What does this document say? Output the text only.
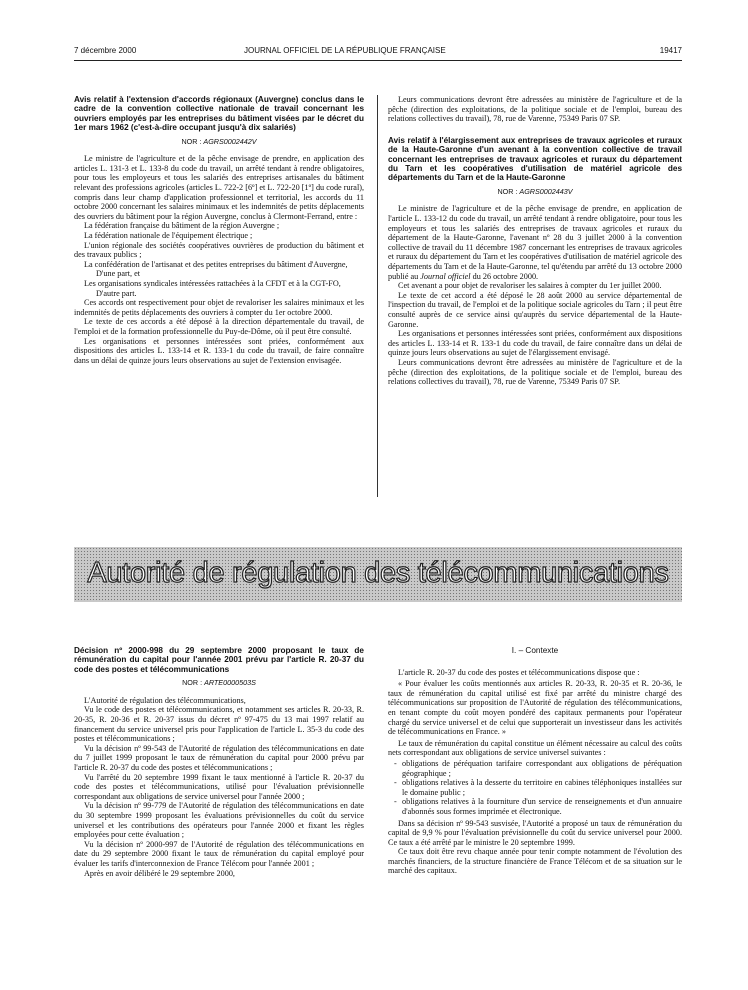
7 décembre 2000	JOURNAL OFFICIEL DE LA RÉPUBLIQUE FRANÇAISE	19417

Avis relatif à l'extension d'accords régionaux (Auvergne) conclus dans le cadre de la convention collective nationale de travail concernant les ouvriers employés par les entreprises du bâtiment visées par le décret du 1er mars 1962 (c'est-à-dire occupant jusqu'à dix salariés)

NOR : AGRS0002442V

Le ministre de l'agriculture et de la pêche envisage de prendre, en application des articles L. 131-3 et L. 133-8 du code du travail, un arrêté tendant à rendre obligatoires, pour tous les employeurs et tous les salariés des entreprises artisanales du bâtiment relevant des professions agricoles (articles L. 722-2 [6º] et L. 722-20 [1º] du code rural), compris dans leur champ d'application professionnel et territorial, les accords du 11 octobre 2000 concernant les salaires minimaux et les indemnités de petits déplacements des ouvriers du bâtiment pour la région Auvergne, conclus à Clermont-Ferrand, entre :

La fédération française du bâtiment de la région Auvergne ;

La fédération nationale de l'équipement électrique ;

L'union régionale des sociétés coopératives ouvrières de production du bâtiment et des travaux publics ;

La confédération de l'artisanat et des petites entreprises du bâtiment d'Auvergne,

D'une part, et

Les organisations syndicales intéressées rattachées à la CFDT et à la CGT-FO,

D'autre part.

Ces accords ont respectivement pour objet de revaloriser les salaires minimaux et les indemnités de petits déplacements des ouvriers à compter du 1er octobre 2000.

Le texte de ces accords a été déposé à la direction départementale du travail, de l'emploi et de la formation professionnelle du Puy-de-Dôme, où il peut être consulté.

Les organisations et personnes intéressées sont priées, conformément aux dispositions des articles L. 133-14 et R. 133-1 du code du travail, de faire connaître dans un délai de quinze jours leurs observations au sujet de l'extension envisagée.

Leurs communications devront être adressées au ministère de l'agriculture et de la pêche (direction des exploitations, de la politique sociale et de l'emploi, bureau des relations collectives du travail), 78, rue de Varenne, 75349 Paris 07 SP.

Avis relatif à l'élargissement aux entreprises de travaux agricoles et ruraux de la Haute-Garonne d'un avenant à la convention collective de travail concernant les entreprises de travaux agricoles et ruraux du département du Tarn et les coopératives d'utilisation de matériel agricole des départements du Tarn et de la Haute-Garonne

NOR : AGRS0002443V

Le ministre de l'agriculture et de la pêche envisage de prendre, en application de l'article L. 133-12 du code du travail, un arrêté tendant à rendre obligatoire, pour tous les employeurs et tous les salariés des entreprises de travaux agricoles et ruraux du département de la Haute-Garonne, l'avenant nº 28 du 3 juillet 2000 à la convention collective de travail du 11 décembre 1987 concernant les entreprises de travaux agricoles et ruraux du département du Tarn et les coopératives d'utilisation de matériel agricole des départements du Tarn et de la Haute-Garonne, tel qu'étendu par arrêté du 13 octobre 2000 publié au Journal officiel du 26 octobre 2000.

Cet avenant a pour objet de revaloriser les salaires à compter du 1er juillet 2000.

Le texte de cet accord a été déposé le 28 août 2000 au service départemental de l'inspection du travail, de l'emploi et de la politique sociale agricoles du Tarn ; il peut être consulté auprès de ce service ainsi qu'auprès du service départemental de la Haute-Garonne.

Les organisations et personnes intéressées sont priées, conformément aux dispositions des articles L. 133-14 et R. 133-1 du code du travail, de faire connaître dans un délai de quinze jours leurs observations au sujet de l'élargissement envisagé.

Leurs communications devront être adressées au ministère de l'agriculture et de la pêche (direction des exploitations, de la politique sociale et de l'emploi, bureau des relations collectives du travail), 78, rue de Varenne, 75349 Paris 07 SP.

Autorité de régulation des télécommunications

Décision nº 2000-998 du 29 septembre 2000 proposant le taux de rémunération du capital pour l'année 2001 prévu par l'article R. 20-37 du code des postes et télécommunications

NOR : ARTE0000503S

L'Autorité de régulation des télécommunications,

Vu le code des postes et télécommunications, et notamment ses articles R. 20-33, R. 20-35, R. 20-36 et R. 20-37 issus du décret nº 97-475 du 13 mai 1997 relatif au financement du service universel pris pour l'application de l'article L. 35-3 du code des postes et télécommunications ;

Vu la décision nº 99-543 de l'Autorité de régulation des télécommunications en date du 7 juillet 1999 proposant le taux de rémunération du capital pour 2000 prévu par l'article R. 20-37 du code des postes et télécommunications ;

Vu l'arrêté du 20 septembre 1999 fixant le taux mentionné à l'article R. 20-37 du code des postes et télécommunications, utilisé pour l'évaluation prévisionnelle correspondant aux obligations de service universel pour l'année 2000 ;

Vu la décision nº 99-779 de l'Autorité de régulation des télécommunications en date du 30 septembre 1999 proposant les évaluations prévisionnelles du coût du service universel et les contributions des opérateurs pour l'année 2000 et fixant les règles employées pour cette évaluation ;

Vu la décision nº 2000-997 de l'Autorité de régulation des télécommunications en date du 29 septembre 2000 fixant le taux de rémunération du capital employé pour évaluer les tarifs d'interconnexion de France Télécom pour l'année 2001 ;

Après en avoir délibéré le 29 septembre 2000,

I. – Contexte

L'article R. 20-37 du code des postes et télécommunications dispose que :

« Pour évaluer les coûts mentionnés aux articles R. 20-33, R. 20-35 et R. 20-36, le taux de rémunération du capital utilisé est fixé par arrêté du ministre chargé des télécommunications sur proposition de l'Autorité de régulation des télécommunications, en tenant compte du coût moyen pondéré des capitaux permanents pour l'opérateur chargé du service universel et de celui que supporterait un investisseur dans les activités de télécommunications en France. »

Le taux de rémunération du capital constitue un élément nécessaire au calcul des coûts nets correspondant aux obligations de service universel suivantes :

- obligations de péréquation tarifaire correspondant aux obligations de péréquation géographique ;
- obligations relatives à la desserte du territoire en cabines téléphoniques installées sur le domaine public ;
- obligations relatives à la fourniture d'un service de renseignements et d'un annuaire d'abonnés sous formes imprimée et électronique.

Dans sa décision nº 99-543 susvisée, l'Autorité a proposé un taux de rémunération du capital de 9,9 % pour l'évaluation prévisionnelle du coût du service universel pour 2000. Ce taux a été arrêté par le ministre le 20 septembre 1999.

Ce taux doit être revu chaque année pour tenir compte notamment de l'évolution des marchés financiers, de la structure financière de France Télécom et de sa situation sur le marché des capitaux.
